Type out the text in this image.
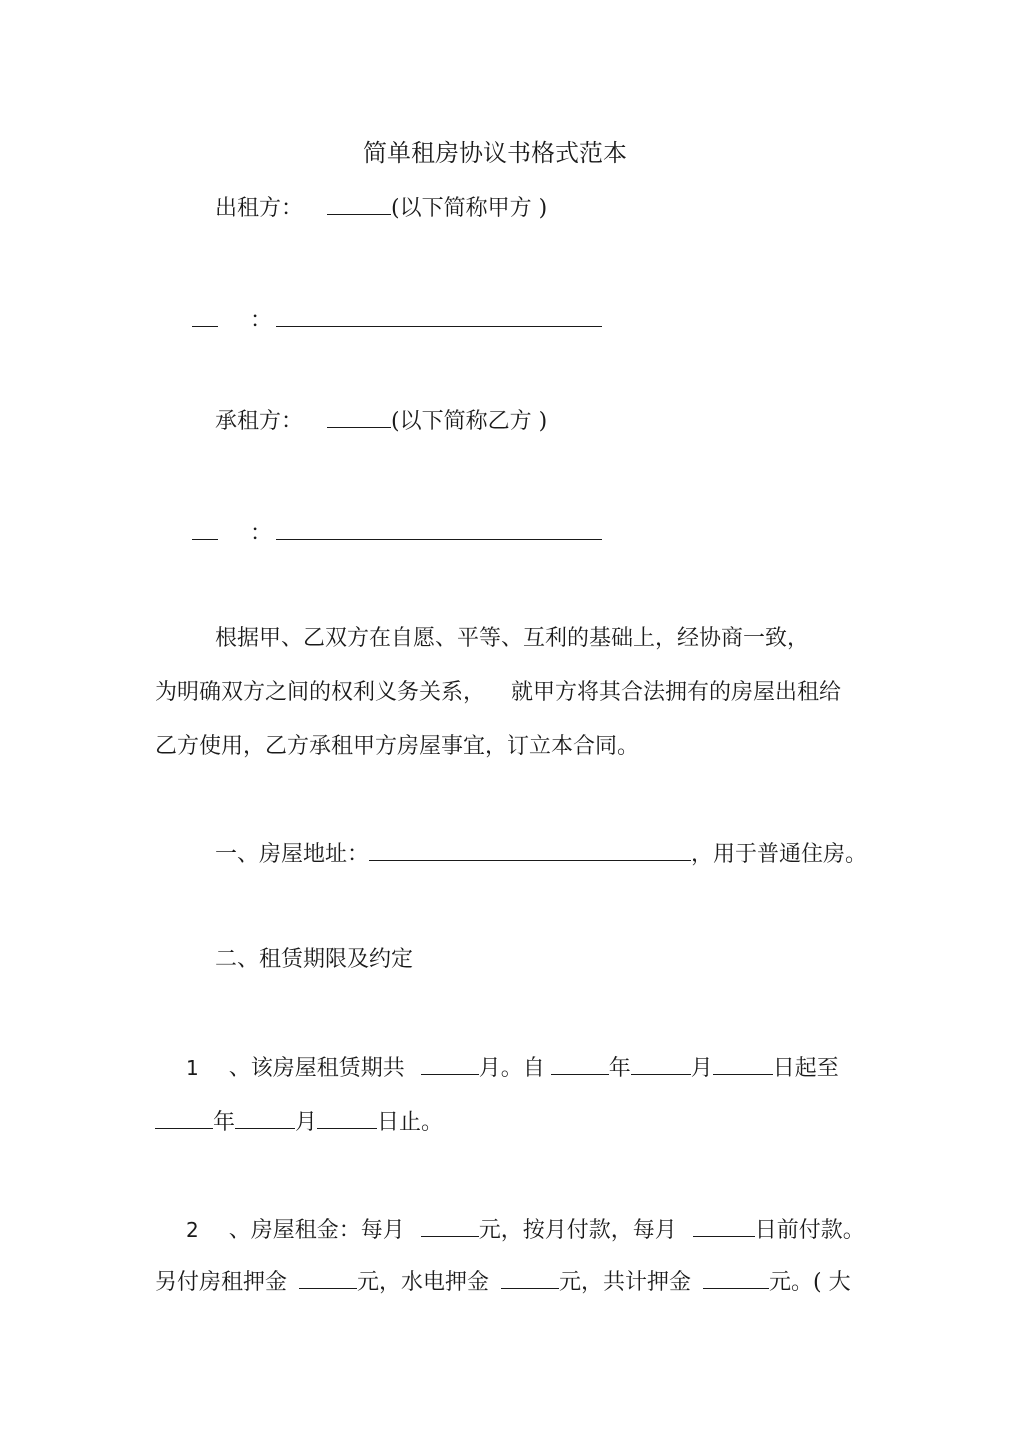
简单租房协议书格式范本
出租方：	(以下简称甲方 )
：
承租方：	(以下简称乙方 )
：
根据甲、乙双方在自愿、平等、互利的基础上，经协商一致，
为明确双方之间的权利义务关系， 就甲方将其合法拥有的房屋出租给
乙方使用，乙方承租甲方房屋事宜，订立本合同。
一、房屋地址：	，用于普通住房。
二、租赁期限及约定
1 、该房屋租赁期共	月。自	年	月	日起至
年	月	日止。
2 、房屋租金：每月	元，按月付款，每月	日前付款。
另付房租押金	元，水电押金	元，共计押金	元。( 大
